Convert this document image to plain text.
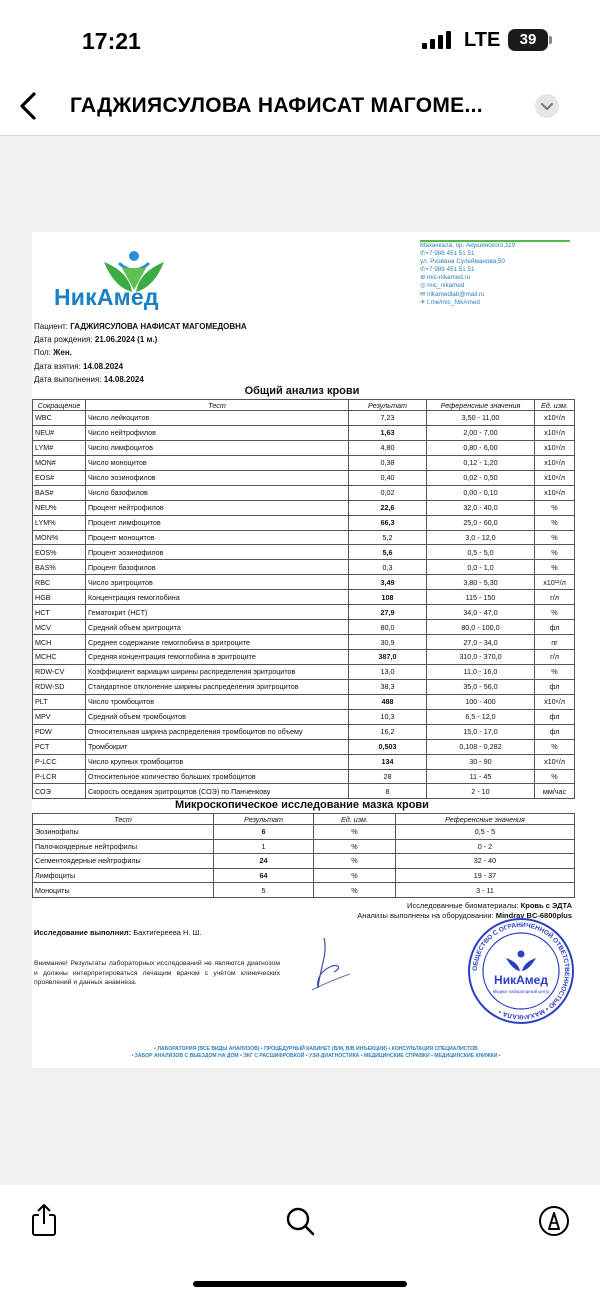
17:21	LTE	39
ГАДЖИЯСУЛОВА НАФИСАТ МАГОМЕ...
НикАмед
Махачкала, пр. Акушинского,119
✆+7 988 451 51 51
ул. Ризвана Сулейманова,50
✆+7 989 451 51 51
⊕ mic-nikamed.ru
◎ mic_nikamed
✉ nikamedlab@mail.ru
✈ t.me/mic_NikAmed
Пациент: ГАДЖИЯСУЛОВА НАФИСАТ МАГОМЕДОВНА
Дата рождения: 21.06.2024 (1 м.)
Пол: Жен.
Дата взятия: 14.08.2024
Дата выполнения: 14.08.2024
Общий анализ крови
Сокращение	Тест	Результат	Референсные значения	Ед. изм.
WBC	Число лейкоцитов	7,23	3,50 - 11,00	x10⁹/л
NEU#	Число нейтрофилов	1,63	2,00 - 7,00	x10⁹/л
LYM#	Число лимфоцитов	4,80	0,80 - 6,00	x10⁹/л
MON#	Число моноцитов	0,38	0,12 - 1,20	x10⁹/л
EOS#	Число эозинофилов	0,40	0,02 - 0,50	x10⁹/л
BAS#	Число базофилов	0,02	0,00 - 0,10	x10⁹/л
NEU%	Процент нейтрофилов	22,6	32,0 - 40,0	%
LYM%	Процент лимфоцитов	66,3	25,0 - 60,0	%
MON%	Процент моноцитов	5,2	3,0 - 12,0	%
EOS%	Процент эозинофилов	5,6	0,5 - 5,0	%
BAS%	Процент базофилов	0,3	0,0 - 1,0	%
RBC	Число эритроцитов	3,49	3,80 - 5,30	x10¹²/л
HGB	Концентрация гемоглобина	108	115 - 150	г/л
HCT	Гематокрит (HCT)	27,9	34,0 - 47,0	%
MCV	Средний объем эритроцита	80,0	80,0 - 100,0	фл
MCH	Среднее содержание гемоглобина в эритроците	30,9	27,0 - 34,0	пг
MCHC	Средняя концентрация гемоглобина в эритроците	387,0	310,0 - 370,0	г/л
RDW-CV	Коэффициент вариации ширины распределения эритроцитов	13,0	11,0 - 16,0	%
RDW-SD	Стандартное отклонение ширины распределения эритроцитов	38,3	35,0 - 56,0	фл
PLT	Число тромбоцитов	488	100 - 400	x10⁹/л
MPV	Средний объем тромбоцитов	10,3	6,5 - 12,0	фл
PDW	Относительная ширина распределения тромбоцитов по объему	16,2	15,0 - 17,0	фл
PCT	Тромбокрит	0,503	0,108 - 0,282	%
P-LCC	Число крупных тромбоцитов	134	30 - 90	x10⁹/л
P-LCR	Относительное количество больших тромбоцитов	28	11 - 45	%
СОЭ	Скорость оседания эритроцитов (СОЭ) по Панченкову	8	2 - 10	мм/час
Микроскопическое исследование мазка крови
Тест	Результат	Ед. изм.	Референсные значения
Эозинофилы	6	%	0,5 - 5
Палочкоядерные нейтрофилы	1	%	0 - 2
Сегментоядерные нейтрофилы	24	%	32 - 40
Лимфоциты	64	%	19 - 37
Моноциты	5	%	3 - 11
Исследованные биоматериалы: Кровь с ЭДТА
Анализы выполнены на оборудовании: Mindray BC-6800plus
Исследование выполнил: Бахтигереева Н. Ш.
Внимание! Результаты лабораторных исследований не являются диагнозом и должны интерпретироваться лечащим врачом с учётом клинических проявлений и данных анамнеза.
ОБЩЕСТВО С ОГРАНИЧЕННОЙ ОТВЕТСТВЕННОСТЬЮ • МАХАЧКАЛА •
НикАмед
Медико-лабораторный центр
• ЛАБОРАТОРИЯ (ВСЕ ВИДЫ АНАЛИЗОВ) • ПРОЦЕДУРНЫЙ КАБИНЕТ (В/М, В/В ИНЪЕКЦИИ) • КОНСУЛЬТАЦИЯ СПЕЦИАЛИСТОВ
• ЗАБОР АНАЛИЗОВ С ВЫЕЗДОМ НА ДОМ • ЭКГ С РАСШИФРОВКОЙ • УЗИ-ДИАГНОСТИКА • МЕДИЦИНСКИЕ СПРАВКИ • МЕДИЦИНСКИЕ КНИЖКИ •
